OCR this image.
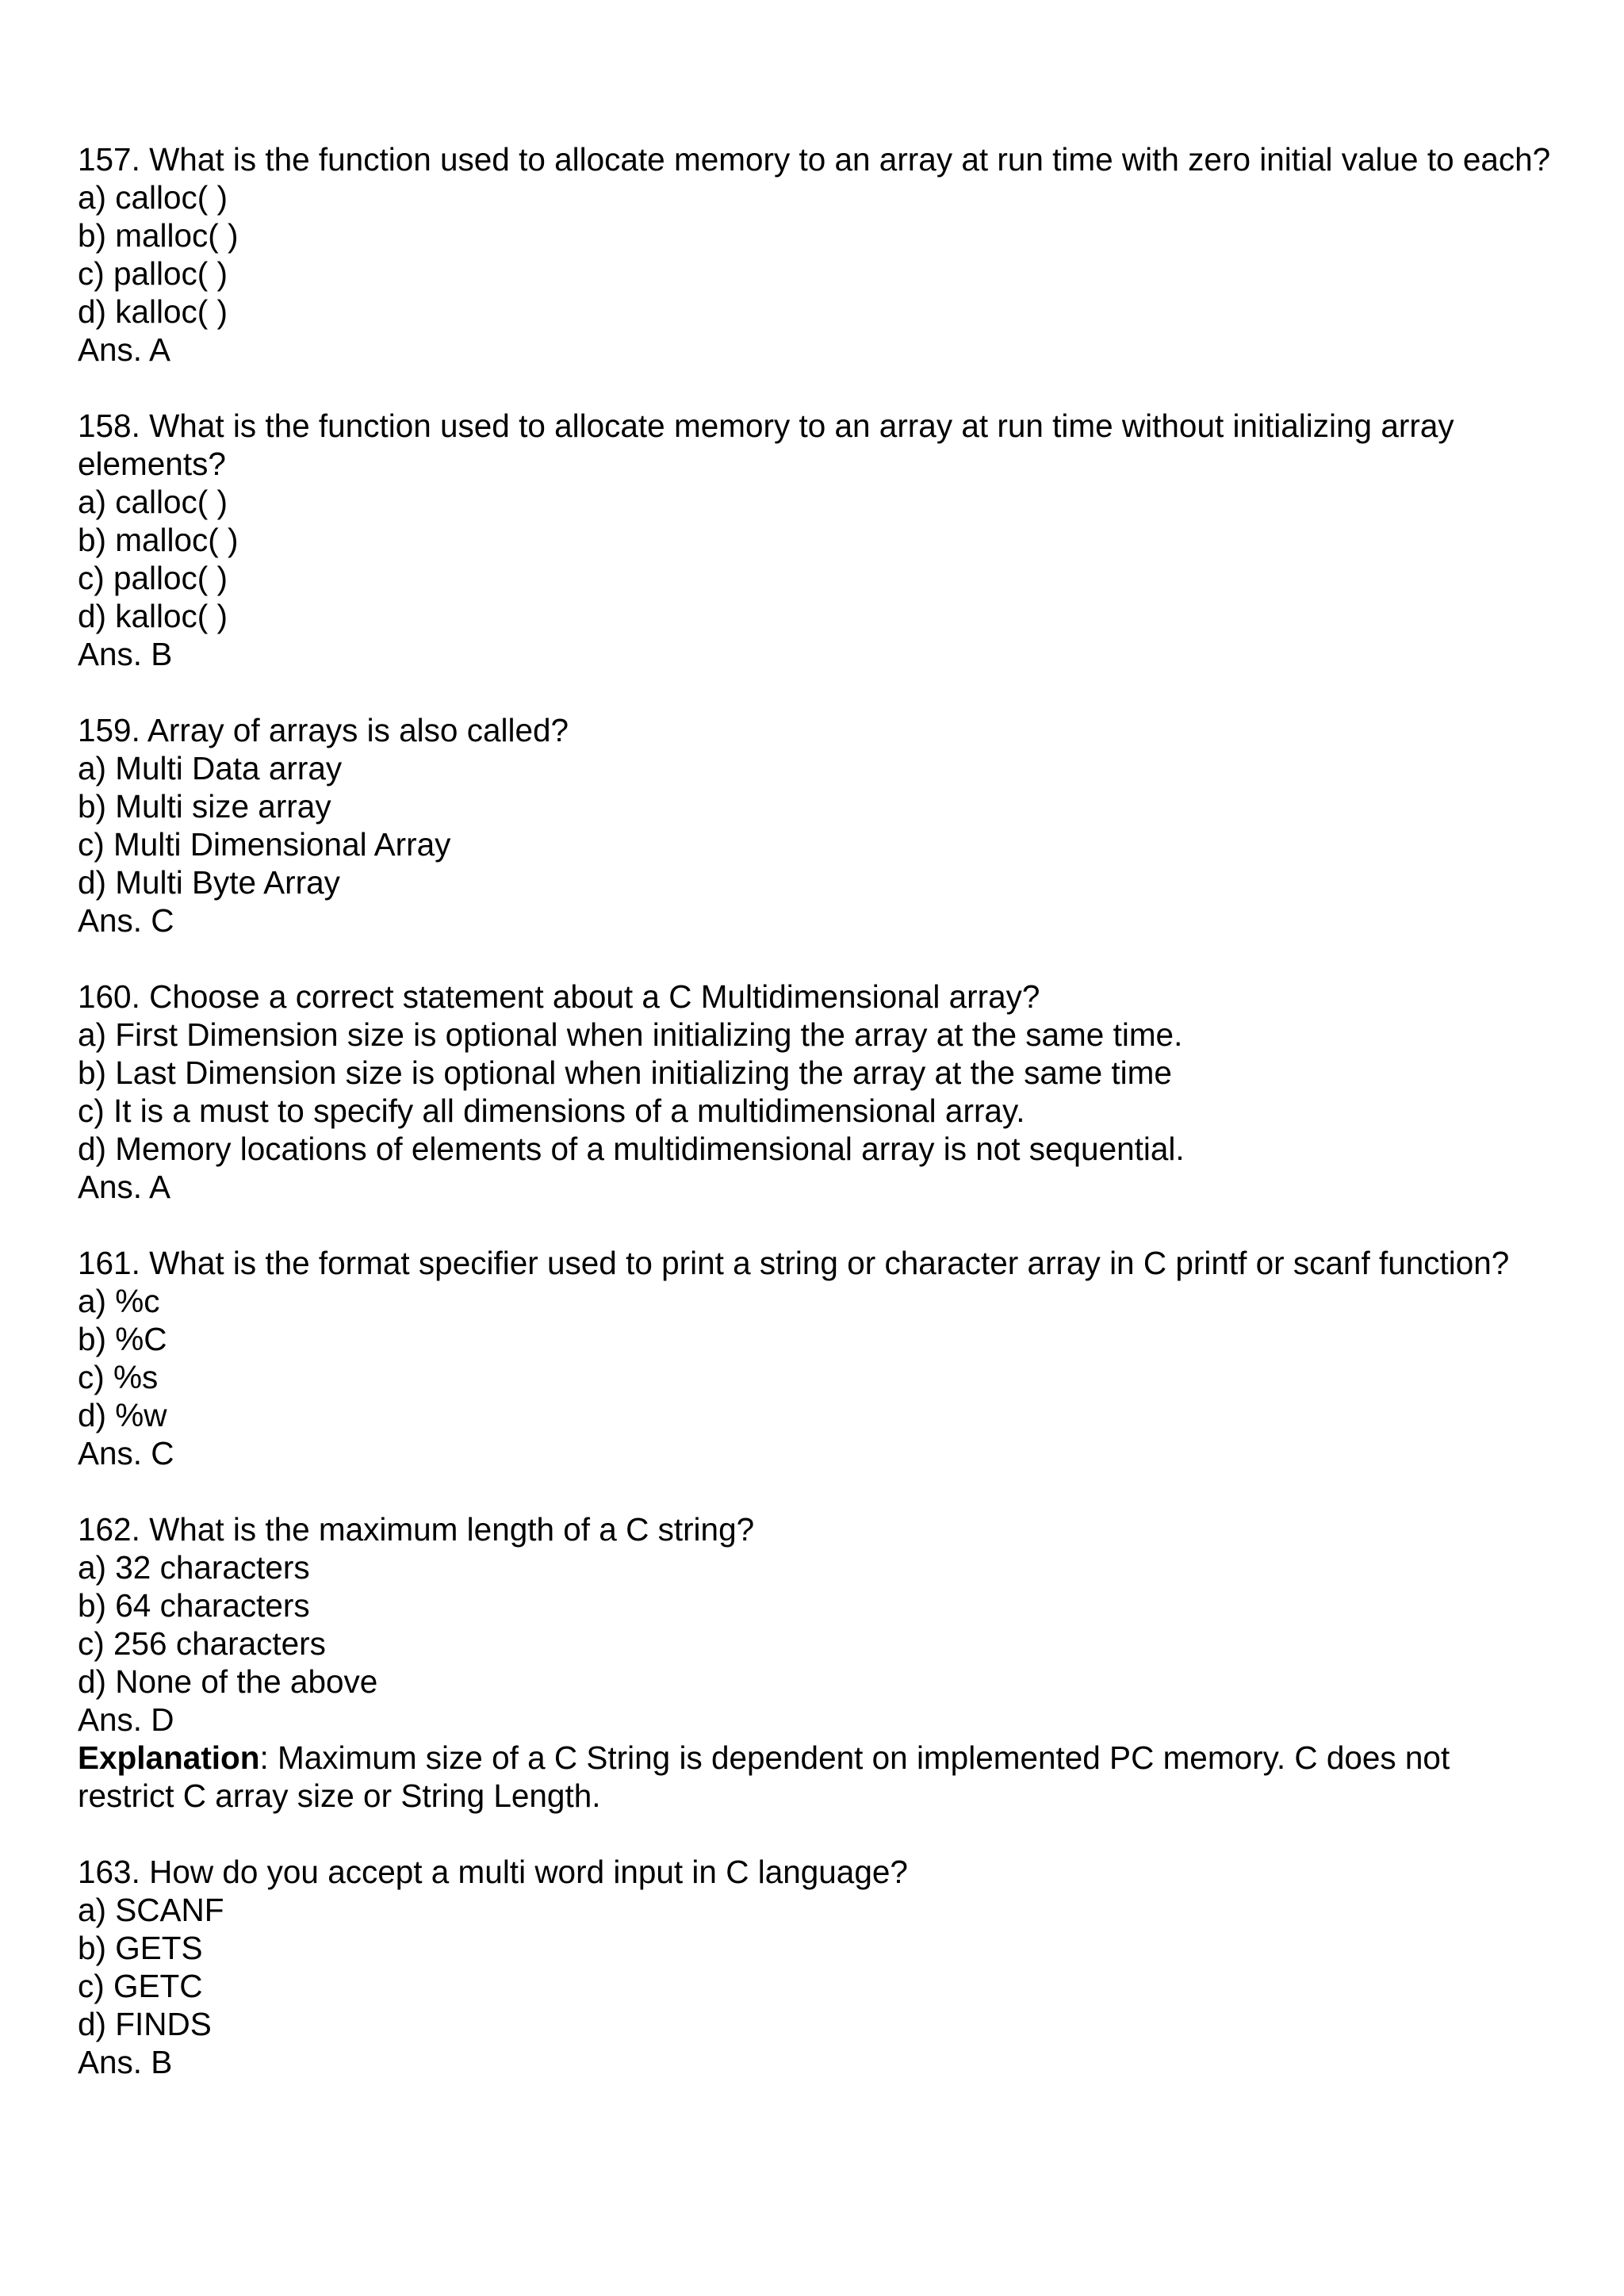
157. What is the function used to allocate memory to an array at run time with zero initial value to each?
a) calloc( )
b) malloc( )
c) palloc( )
d) kalloc( )
Ans. A
158. What is the function used to allocate memory to an array at run time without initializing array elements?
a) calloc( )
b) malloc( )
c) palloc( )
d) kalloc( )
Ans. B
159. Array of arrays is also called?
a) Multi Data array
b) Multi size array
c) Multi Dimensional Array
d) Multi Byte Array
Ans. C
160. Choose a correct statement about a C Multidimensional array?
a) First Dimension size is optional when initializing the array at the same time.
b) Last Dimension size is optional when initializing the array at the same time
c) It is a must to specify all dimensions of a multidimensional array.
d) Memory locations of elements of a multidimensional array is not sequential.
Ans. A
161. What is the format specifier used to print a string or character array in C printf or scanf function?
a) %c
b) %C
c) %s
d) %w
Ans. C
162. What is the maximum length of a C string?
a) 32 characters
b) 64 characters
c) 256 characters
d) None of the above
Ans. D
Explanation: Maximum size of a C String is dependent on implemented PC memory. C does not restrict C array size or String Length.
163. How do you accept a multi word input in C language?
a) SCANF
b) GETS
c) GETC
d) FINDS
Ans. B
